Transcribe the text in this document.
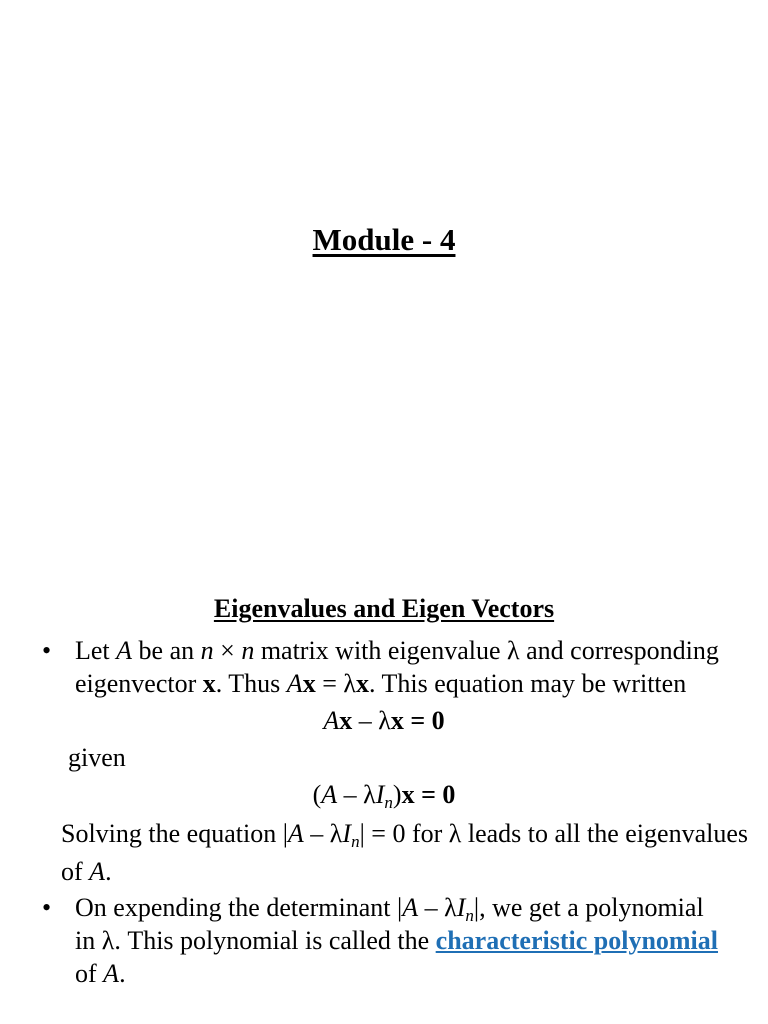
Module - 4
Eigenvalues and Eigen Vectors
• Let A be an n × n matrix with eigenvalue λ and corresponding eigenvector x. Thus Ax = λx. This equation may be written
Ax – λx = 0
given
$(A - \lambda I_n)x = 0$
Solving the equation $|A - \lambda I_n| = 0$ for λ leads to all the eigenvalues of A.
• On expending the determinant $|A - \lambda I_n|$, we get a polynomial in λ. This polynomial is called the characteristic polynomial of A.
